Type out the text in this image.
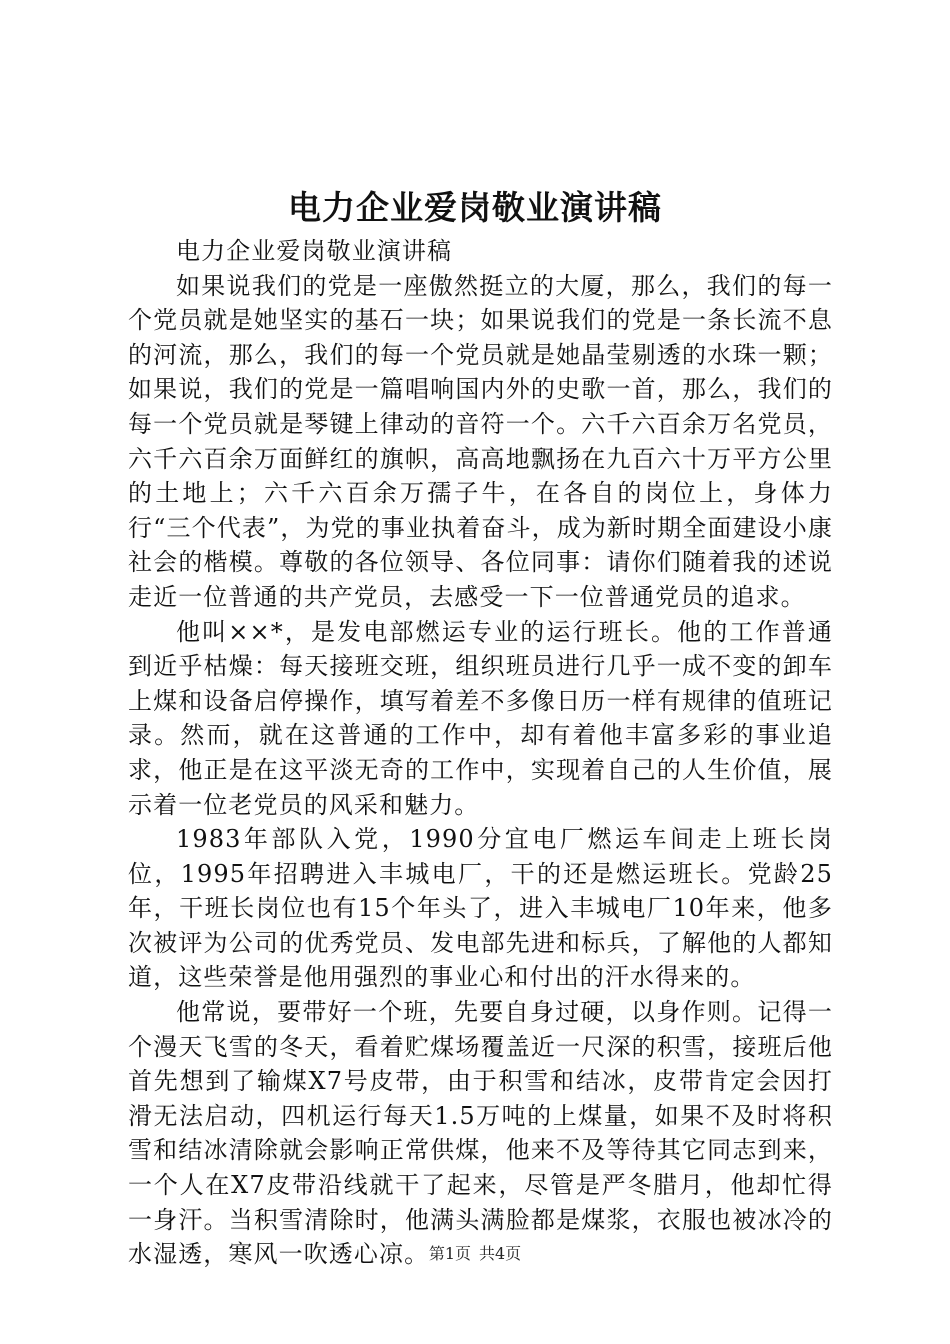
电力企业爱岗敬业演讲稿

电力企业爱岗敬业演讲稿

如果说我们的党是一座傲然挺立的大厦，那么，我们的每一个党员就是她坚实的基石一块；如果说我们的党是一条长流不息的河流，那么，我们的每一个党员就是她晶莹剔透的水珠一颗；如果说，我们的党是一篇唱响国内外的史歌一首，那么，我们的每一个党员就是琴键上律动的音符一个。六千六百余万名党员，六千六百余万面鲜红的旗帜，高高地飘扬在九百六十万平方公里的土地上；六千六百余万孺子牛，在各自的岗位上，身体力行“三个代表”，为党的事业执着奋斗，成为新时期全面建设小康社会的楷模。尊敬的各位领导、各位同事：请你们随着我的述说走近一位普通的共产党员，去感受一下一位普通党员的追求。

他叫××*，是发电部燃运专业的运行班长。他的工作普通到近乎枯燥：每天接班交班，组织班员进行几乎一成不变的卸车上煤和设备启停操作，填写着差不多像日历一样有规律的值班记录。然而，就在这普通的工作中，却有着他丰富多彩的事业追求，他正是在这平淡无奇的工作中，实现着自己的人生价值，展示着一位老党员的风采和魅力。

1983年部队入党，1990分宜电厂燃运车间走上班长岗位，1995年招聘进入丰城电厂，干的还是燃运班长。党龄25年，干班长岗位也有15个年头了，进入丰城电厂10年来，他多次被评为公司的优秀党员、发电部先进和标兵，了解他的人都知道，这些荣誉是他用强烈的事业心和付出的汗水得来的。

他常说，要带好一个班，先要自身过硬，以身作则。记得一个漫天飞雪的冬天，看着贮煤场覆盖近一尺深的积雪，接班后他首先想到了输煤X7号皮带，由于积雪和结冰，皮带肯定会因打滑无法启动，四机运行每天1.5万吨的上煤量，如果不及时将积雪和结冰清除就会影响正常供煤，他来不及等待其它同志到来，一个人在X7皮带沿线就干了起来，尽管是严冬腊月，他却忙得一身汗。当积雪清除时，他满头满脸都是煤浆，衣服也被冰冷的水湿透，寒风一吹透心凉。 第1页 共4页
